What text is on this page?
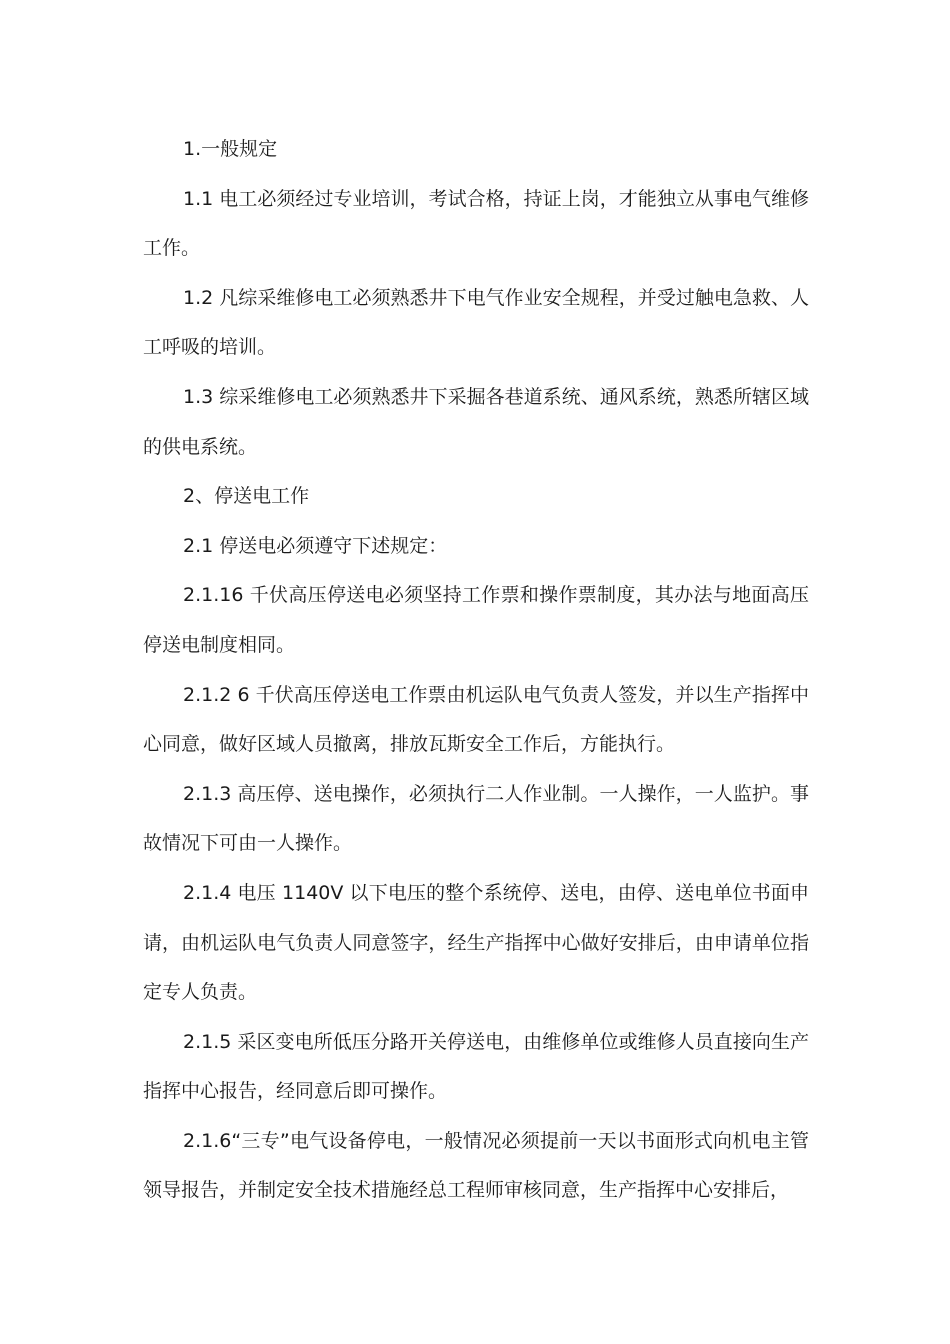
1.一般规定

1.1 电工必须经过专业培训，考试合格，持证上岗，才能独立从事电气维修工作。

1.2 凡综采维修电工必须熟悉井下电气作业安全规程，并受过触电急救、人工呼吸的培训。

1.3 综采维修电工必须熟悉井下采掘各巷道系统、通风系统，熟悉所辖区域的供电系统。

2、停送电工作

2.1 停送电必须遵守下述规定：

2.1.16 千伏高压停送电必须坚持工作票和操作票制度，其办法与地面高压停送电制度相同。

2.1.2 6 千伏高压停送电工作票由机运队电气负责人签发，并以生产指挥中心同意，做好区域人员撤离，排放瓦斯安全工作后，方能执行。

2.1.3 高压停、送电操作，必须执行二人作业制。一人操作，一人监护。事故情况下可由一人操作。

2.1.4 电压 1140V 以下电压的整个系统停、送电，由停、送电单位书面申请，由机运队电气负责人同意签字，经生产指挥中心做好安排后，由申请单位指定专人负责。

2.1.5 采区变电所低压分路开关停送电，由维修单位或维修人员直接向生产指挥中心报告，经同意后即可操作。

2.1.6“三专”电气设备停电，一般情况必须提前一天以书面形式向机电主管领导报告，并制定安全技术措施经总工程师审核同意，生产指挥中心安排后，
